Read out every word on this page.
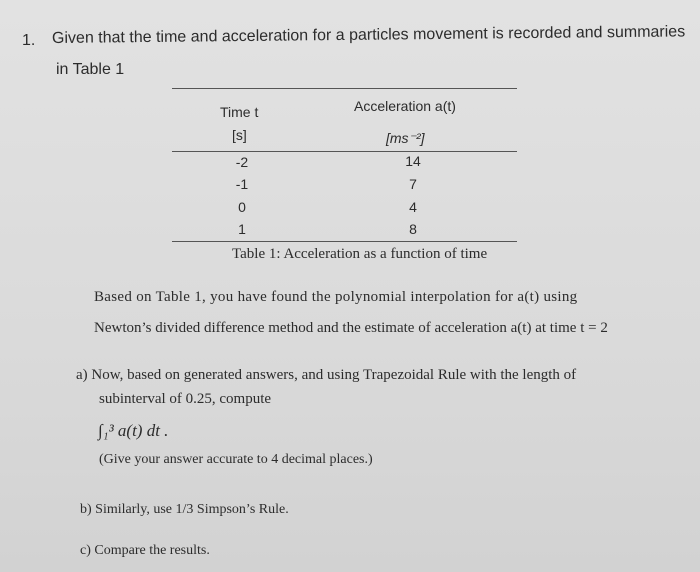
1. Given that the time and acceleration for a particles movement is recorded and summaries
in Table 1
Time t	Acceleration a(t)
[s]	[ms⁻²]
-2	14
-1	7
0	4
1	8
Table 1: Acceleration as a function of time
Based on Table 1, you have found the polynomial interpolation for a(t) using
Newton’s divided difference method and the estimate of acceleration a(t) at time t = 2
a) Now, based on generated answers, and using Trapezoidal Rule with the length of
subinterval of 0.25, compute
∫₁³ a(t) dt .
(Give your answer accurate to 4 decimal places.)
b) Similarly, use 1/3 Simpson’s Rule.
c) Compare the results.
